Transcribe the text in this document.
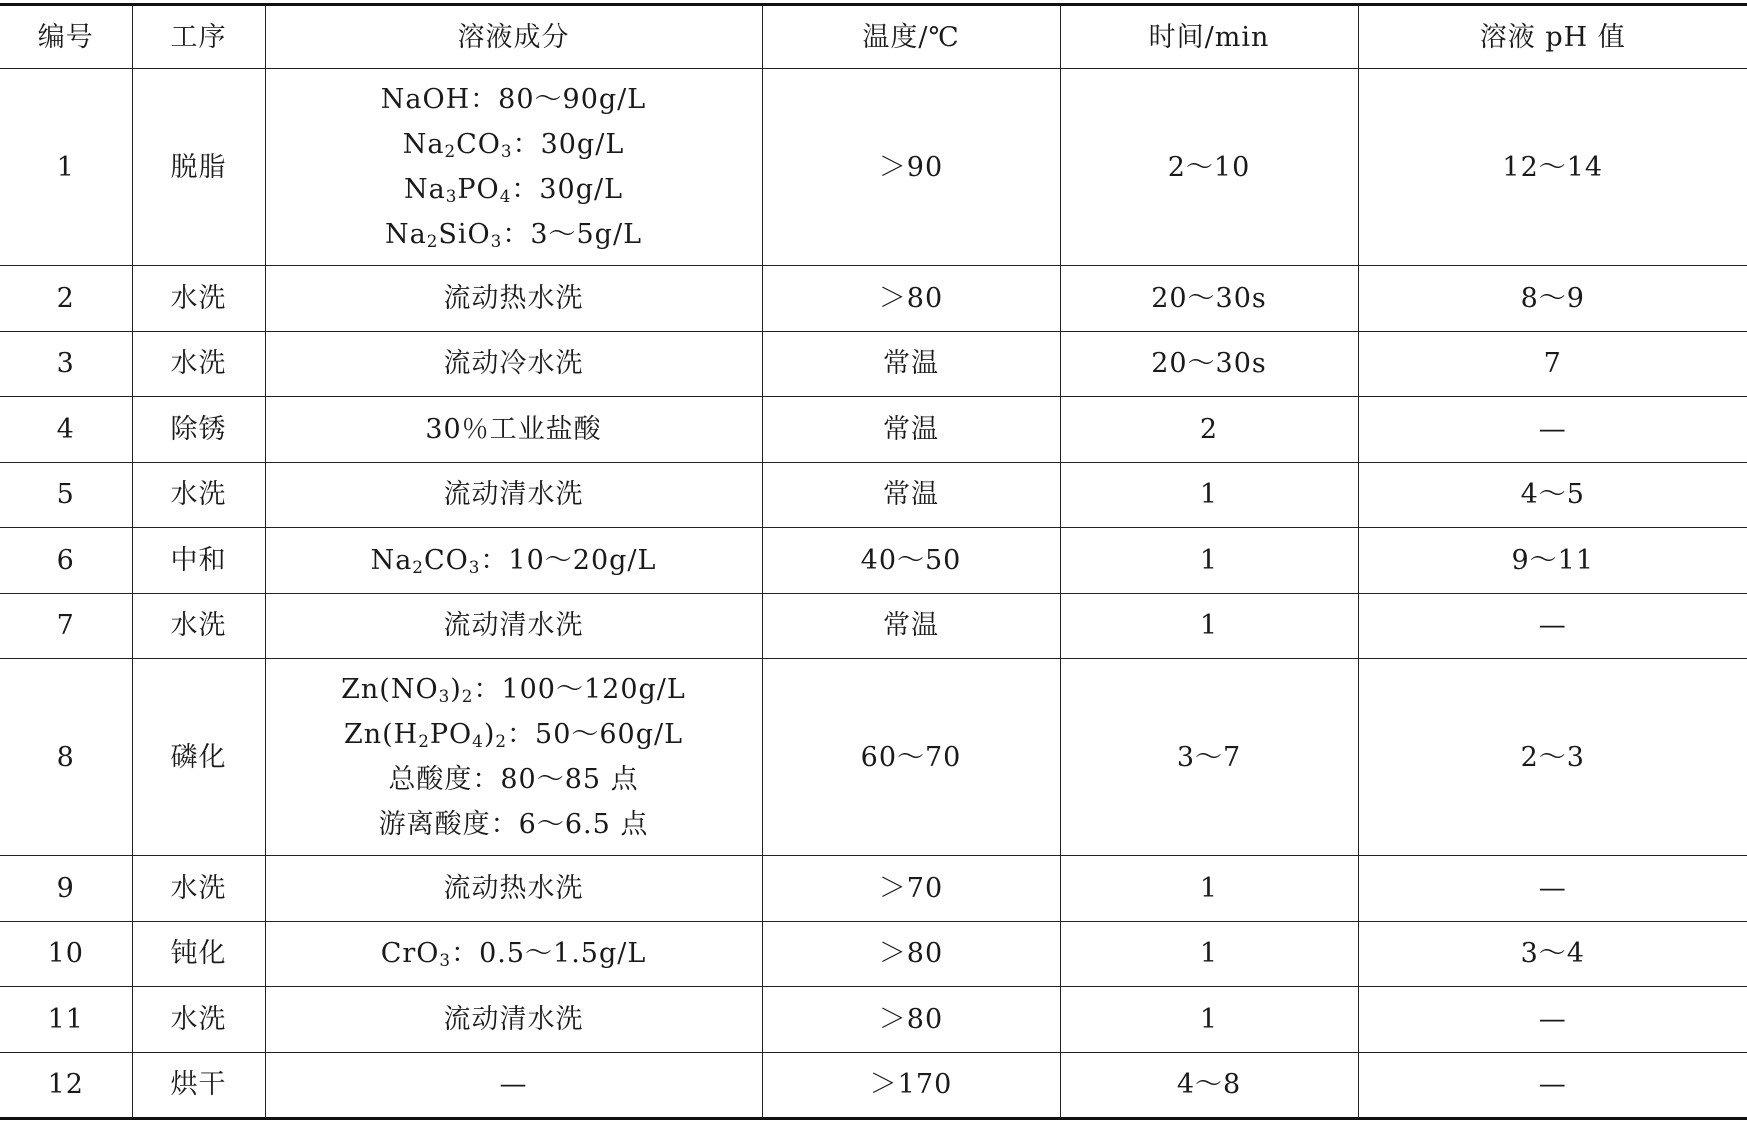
编号	工序	溶液成分	温度/℃	时间/min	溶液 pH 值
1	脱脂	NaOH：80～90g/L
$Na_2CO_3$：30g/L
$Na_3PO_4$：30g/L
$Na_2SiO_3$：3～5g/L	＞90	2～10	12～14
2	水洗	流动热水洗	＞80	20～30s	8～9
3	水洗	流动冷水洗	常温	20～30s	7
4	除锈	30％工业盐酸	常温	2	—
5	水洗	流动清水洗	常温	1	4～5
6	中和	$Na_2CO_3$：10～20g/L	40～50	1	9～11
7	水洗	流动清水洗	常温	1	—
8	磷化	$Zn(NO_3)_2$：100～120g/L
$Zn(H_2PO_4)_2$：50～60g/L
总酸度：80～85 点
游离酸度：6～6.5 点	60～70	3～7	2～3
9	水洗	流动热水洗	＞70	1	—
10	钝化	CrO$_3$：0.5～1.5g/L	＞80	1	3～4
11	水洗	流动清水洗	＞80	1	—
12	烘干	—	＞170	4～8	—
